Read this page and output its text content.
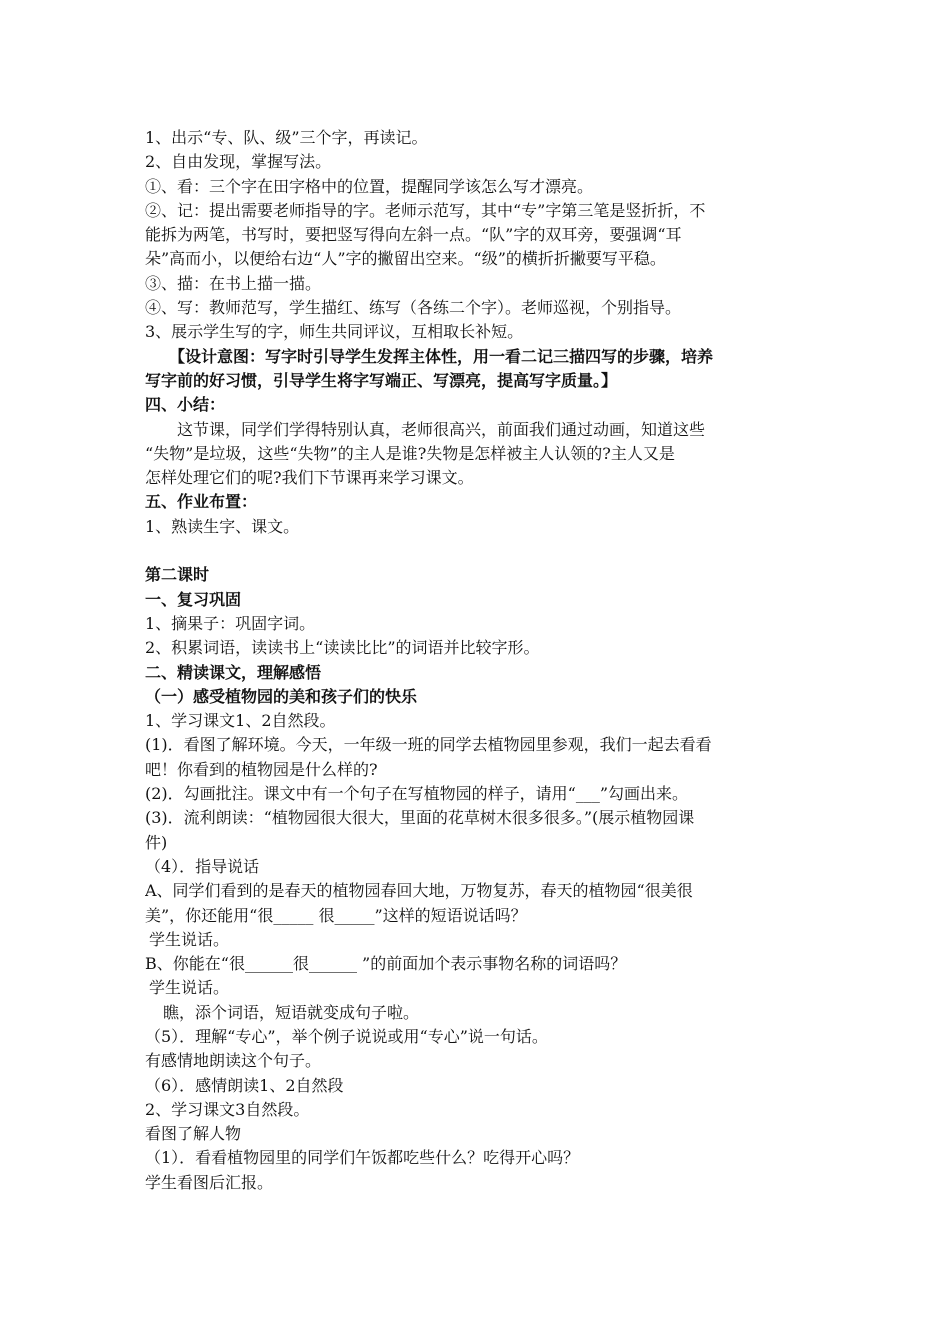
1、出示“专、队、级”三个字，再读记。
2、自由发现，掌握写法。
①、看：三个字在田字格中的位置，提醒同学该怎么写才漂亮。
②、记：提出需要老师指导的字。老师示范写，其中“专”字第三笔是竖折折，不
能拆为两笔，书写时，要把竖写得向左斜一点。“队”字的双耳旁，要强调“耳
朵”高而小，以便给右边“人”字的撇留出空来。“级”的横折折撇要写平稳。
③、描：在书上描一描。
④、写：教师范写，学生描红、练写（各练二个字）。老师巡视，个别指导。
3、展示学生写的字，师生共同评议，互相取长补短。
　　【设计意图：写字时引导学生发挥主体性，用一看二记三描四写的步骤，培养
写字前的好习惯，引导学生将字写端正、写漂亮，提高写字质量。】
四、小结：
　　这节课，同学们学得特别认真，老师很高兴，前面我们通过动画，知道这些
“失物”是垃圾，这些“失物”的主人是谁?失物是怎样被主人认领的?主人又是
怎样处理它们的呢?我们下节课再来学习课文。
五、作业布置：
1、熟读生字、课文。
第二课时
一、复习巩固
1、摘果子：巩固字词。
2、积累词语，读读书上“读读比比”的词语并比较字形。
二、精读课文，理解感悟
（一）感受植物园的美和孩子们的快乐
1、学习课文1、2自然段。
(1)．看图了解环境。今天，一年级一班的同学去植物园里参观，我们一起去看看
吧！你看到的植物园是什么样的?
(2)．勾画批注。课文中有一个句子在写植物园的样子，请用“___”勾画出来。
(3)．流利朗读：“植物园很大很大，里面的花草树木很多很多。”(展示植物园课
件)
（4）．指导说话
A、同学们看到的是春天的植物园春回大地，万物复苏，春天的植物园“很美很
美”，你还能用“很_____ 很_____”这样的短语说话吗？
学生说话。
B、你能在“很______很______ ”的前面加个表示事物名称的词语吗？
学生说话。
瞧，添个词语，短语就变成句子啦。
（5）．理解“专心”，举个例子说说或用“专心”说一句话。
有感情地朗读这个句子。
（6）．感情朗读1、2自然段
2、学习课文3自然段。
看图了解人物
（1）．看看植物园里的同学们午饭都吃些什么？吃得开心吗？
学生看图后汇报。
